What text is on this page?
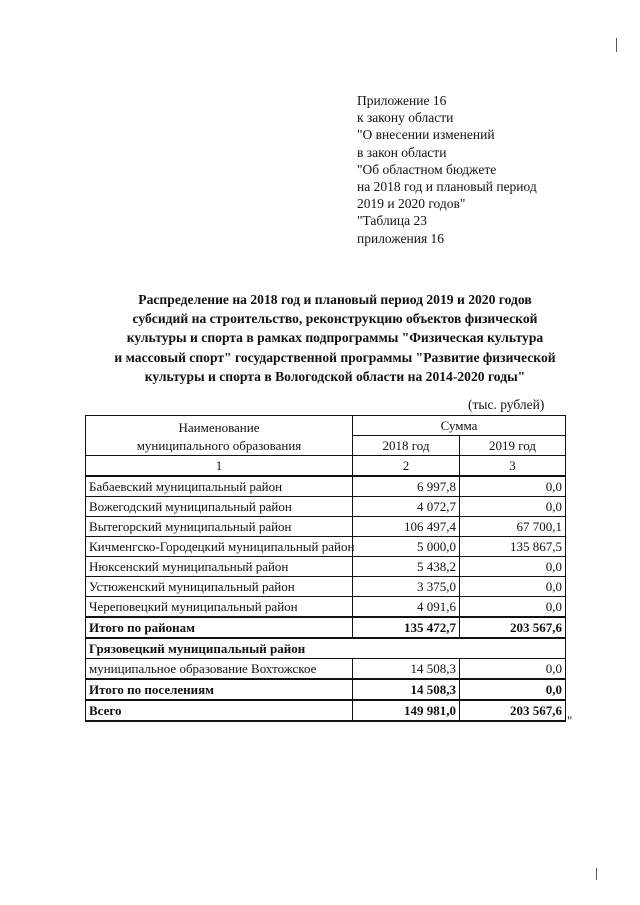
Приложение 16
к закону области
"О внесении изменений
в закон области
"Об областном бюджете
на 2018 год и плановый период
2019 и 2020 годов"
"Таблица 23
приложения 16
Распределение на 2018 год и плановый период 2019 и 2020 годов
субсидий на строительство, реконструкцию объектов физической
культуры и спорта в рамках подпрограммы "Физическая культура
и массовый спорт" государственной программы "Развитие физической
культуры и спорта в Вологодской области на 2014-2020 годы"
(тыс. рублей)
Наименование
муниципального образования	Сумма	
	2018 год	2019 год
1	2	3
Бабаевский муниципальный район	6 997,8	0,0
Вожегодский муниципальный район	4 072,7	0,0
Вытегорский муниципальный район	106 497,4	67 700,1
Кичменгско-Городецкий муниципальный район	5 000,0	135 867,5
Нюксенский муниципальный район	5 438,2	0,0
Устюженский муниципальный район	3 375,0	0,0
Череповецкий муниципальный район	4 091,6	0,0
Итого по районам	135 472,7	203 567,6
Грязовецкий муниципальный район		
муниципальное образование Вохтожское	14 508,3	0,0
Итого по поселениям	14 508,3	0,0
Всего	149 981,0	203 567,6
"
